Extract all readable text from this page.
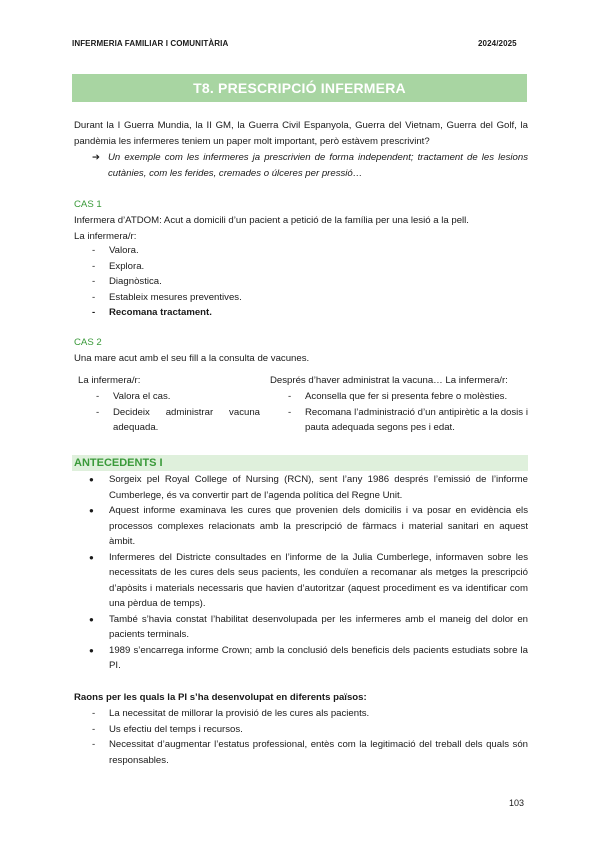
INFERMERIA FAMILIAR I COMUNITÀRIA	2024/2025
T8. PRESCRIPCIÓ INFERMERA
Durant la I Guerra Mundia, la II GM, la Guerra Civil Espanyola, Guerra del Vietnam, Guerra del Golf, la pandèmia les infermeres teniem un paper molt important, però estàvem prescrivint?
➔ Un exemple com les infermeres ja prescrivien de forma independent; tractament de les lesions cutànies, com les ferides, cremades o úlceres per pressió…
CAS 1
Infermera d’ATDOM: Acut a domicili d’un pacient a petició de la família per una lesió a la pell.
La infermera/r:
- Valora.
- Explora.
- Diagnòstica.
- Estableix mesures preventives.
- Recomana tractament.
CAS 2
Una mare acut amb el seu fill a la consulta de vacunes.
La infermera/r:
- Valora el cas.
- Decideix administrar vacuna adequada.
Després d’haver administrat la vacuna… La infermera/r:
- Aconsella que fer si presenta febre o molèsties.
- Recomana l’administració d’un antipirètic a la dosis i pauta adequada segons pes i edat.
ANTECEDENTS I
● Sorgeix pel Royal College of Nursing (RCN), sent l’any 1986 després l’emissió de l’informe Cumberlege, és va convertir part de l’agenda política del Regne Unit.
● Aquest informe examinava les cures que provenien dels domicilis i va posar en evidència els processos complexes relacionats amb la prescripció de fàrmacs i material sanitari en aquest àmbit.
● Infermeres del Districte consultades en l’informe de la Julia Cumberlege, informaven sobre les necessitats de les cures dels seus pacients, les conduïen a recomanar als metges la prescripció d’apòsits i materials necessaris que havien d’autoritzar (aquest procediment es va identificar com una pèrdua de temps).
● També s’havia constat l’habilitat desenvolupada per les infermeres amb el maneig del dolor en pacients terminals.
● 1989 s’encarrega informe Crown; amb la conclusió dels beneficis dels pacients estudiats sobre la PI.
Raons per les quals la PI s’ha desenvolupat en diferents països:
- La necessitat de millorar la provisió de les cures als pacients.
- Us efectiu del temps i recursos.
- Necessitat d’augmentar l’estatus professional, entès com la legitimació del treball dels quals són responsables.
103
